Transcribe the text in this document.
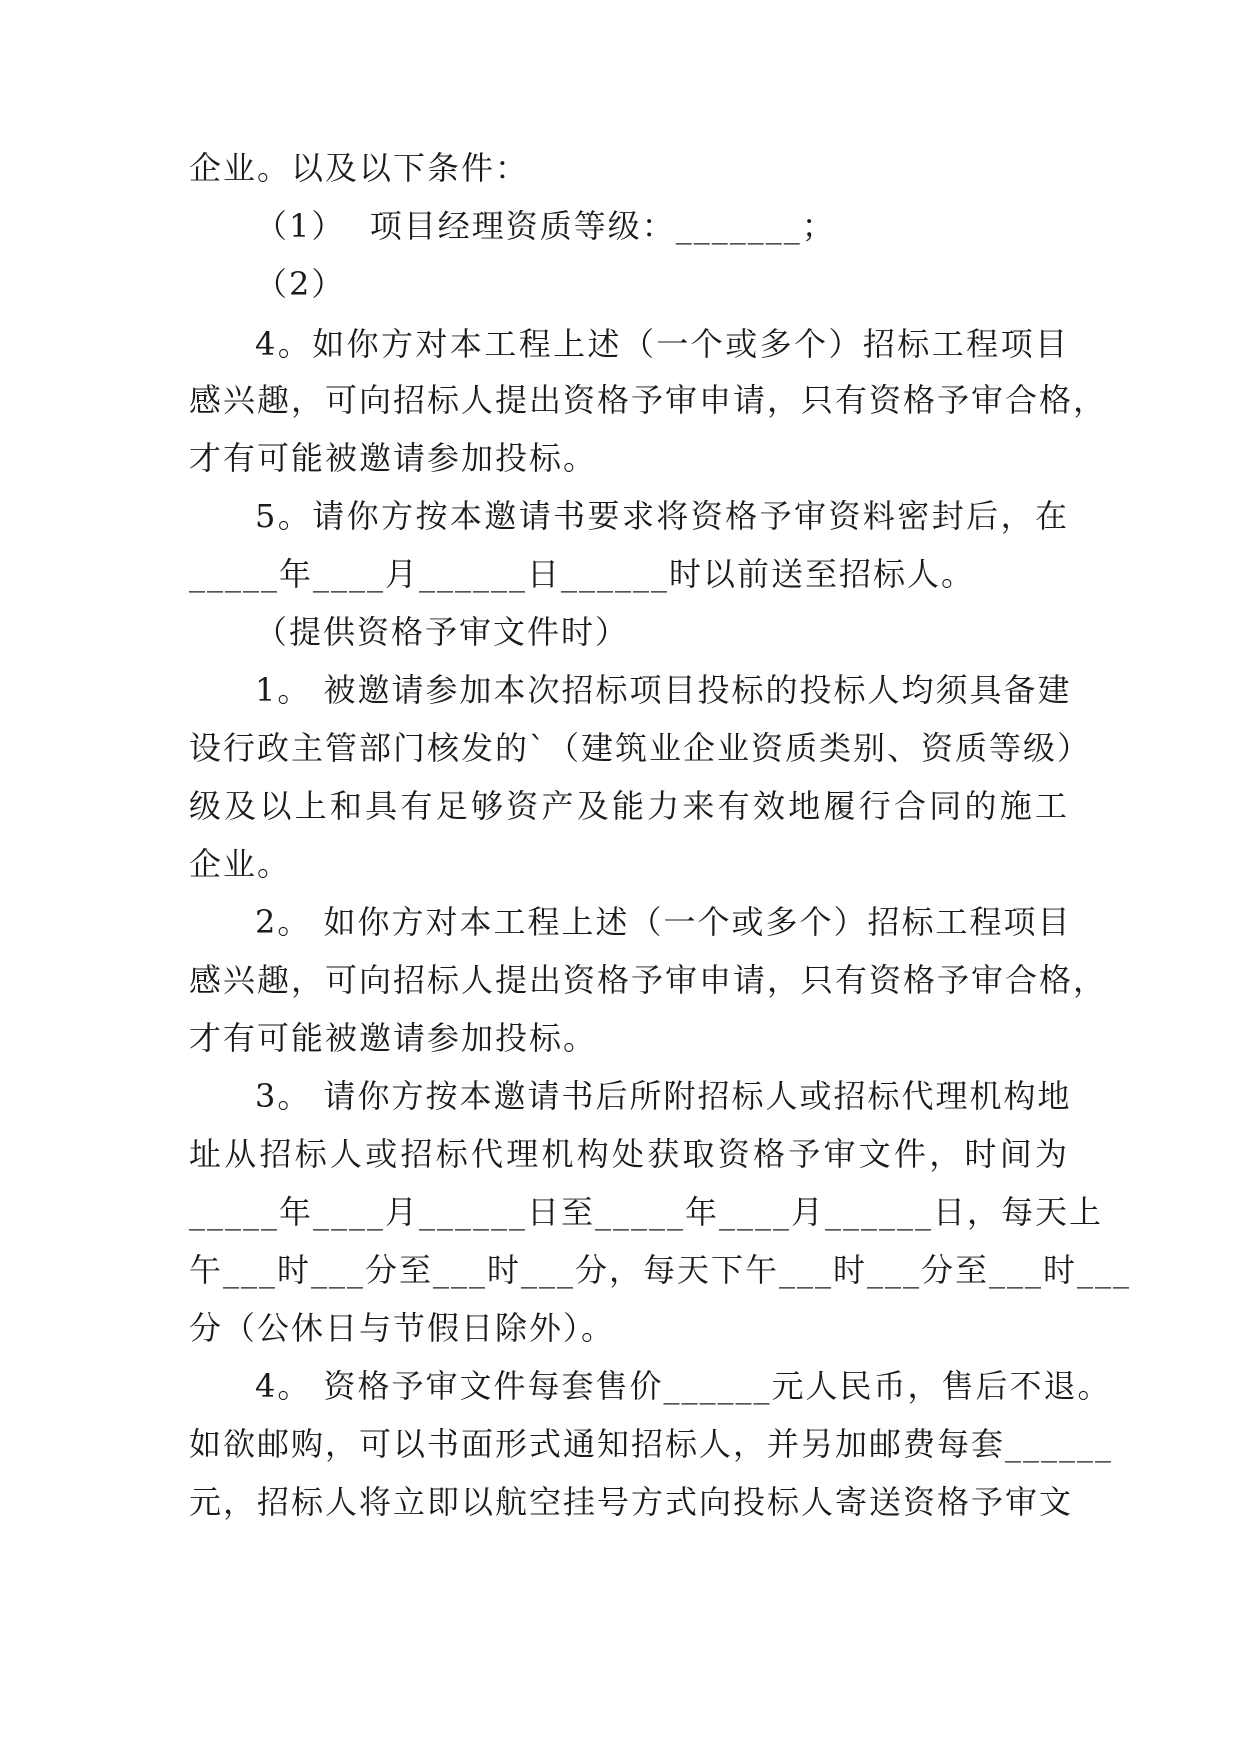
企业。以及以下条件：
（1）  项目经理资质等级：_______；
（2）
4。如你方对本工程上述（一个或多个）招标工程项目
感兴趣，可向招标人提出资格予审申请，只有资格予审合格，
才有可能被邀请参加投标。
5。请你方按本邀请书要求将资格予审资料密封后，在
_____年____月______日______时以前送至招标人。
（提供资格予审文件时）
1。 被邀请参加本次招标项目投标的投标人均须具备建
设行政主管部门核发的`（建筑业企业资质类别、资质等级）
级及以上和具有足够资产及能力来有效地履行合同的施工
企业。
2。 如你方对本工程上述（一个或多个）招标工程项目
感兴趣，可向招标人提出资格予审申请，只有资格予审合格，
才有可能被邀请参加投标。
3。 请你方按本邀请书后所附招标人或招标代理机构地
址从招标人或招标代理机构处获取资格予审文件，时间为
_____年____月______日至_____年____月______日，每天上
午___时___分至___时___分，每天下午___时___分至___时___
分（公休日与节假日除外）。
4。 资格予审文件每套售价______元人民币，售后不退。
如欲邮购，可以书面形式通知招标人，并另加邮费每套______
元，招标人将立即以航空挂号方式向投标人寄送资格予审文
